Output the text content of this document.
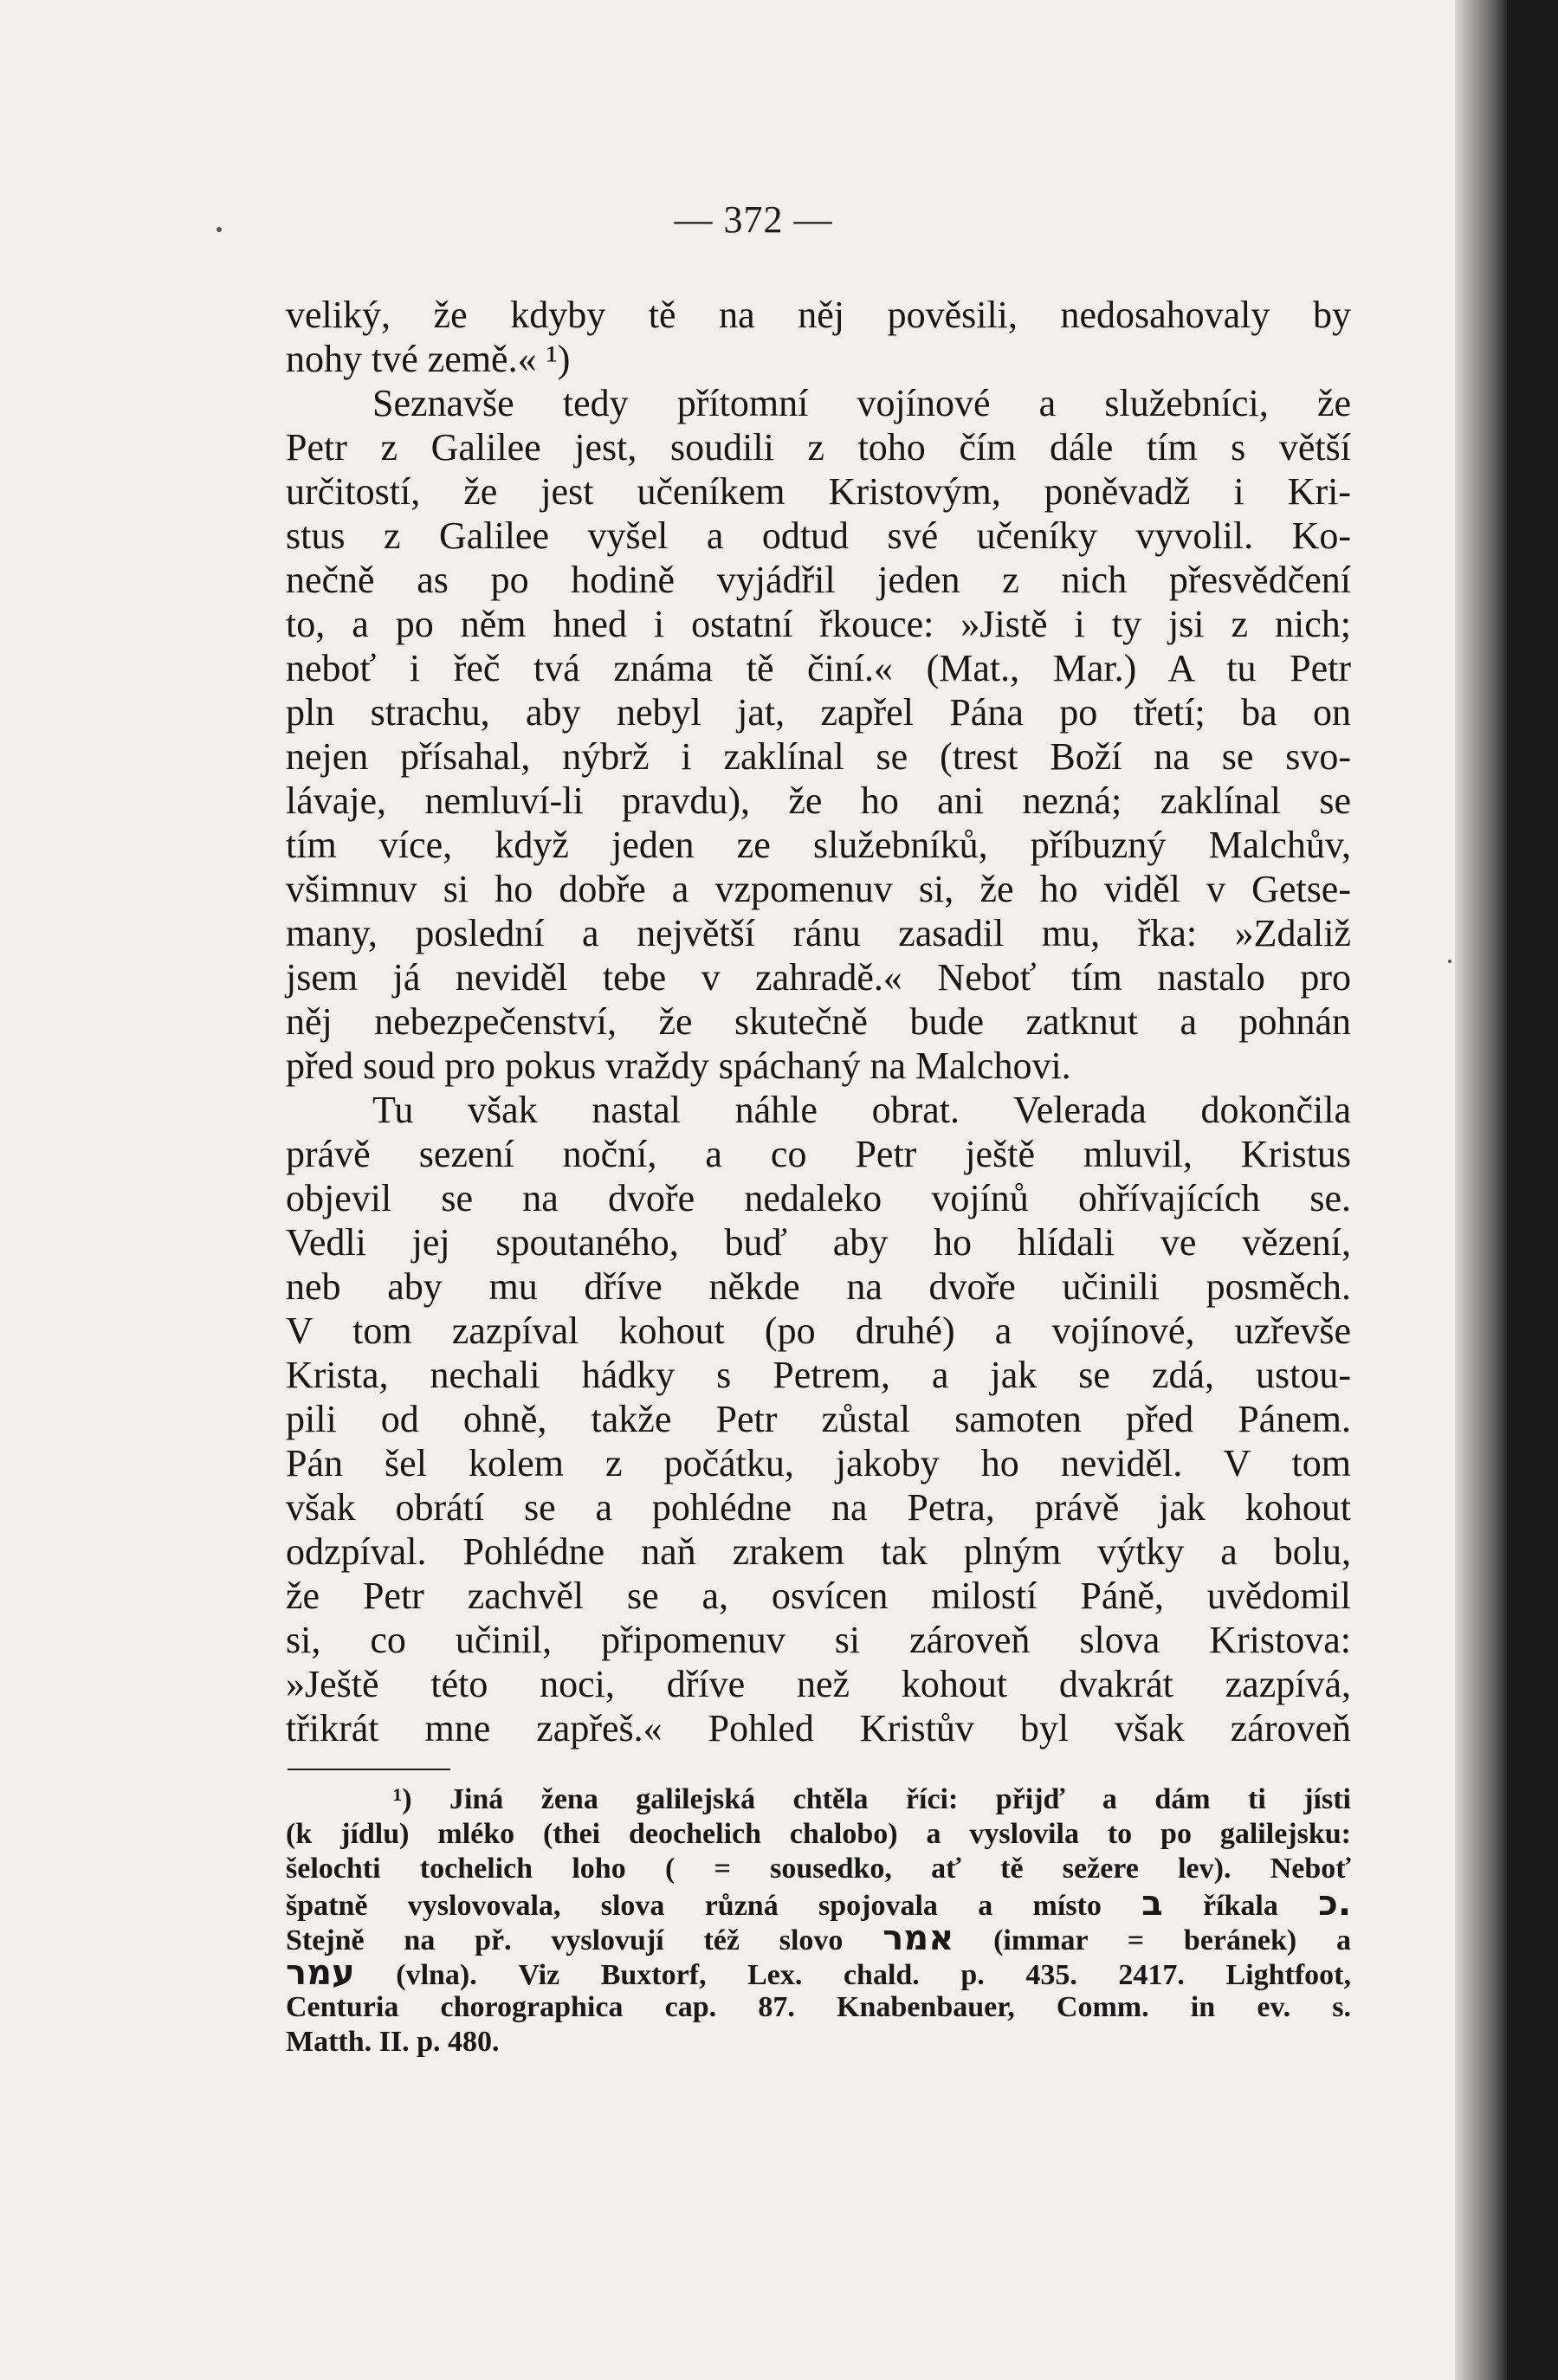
— 372 —
veliký, že kdyby tě na něj pověsili, nedosahovaly by
nohy tvé země.« ¹)
Seznavše tedy přítomní vojínové a služebníci, že
Petr z Galilee jest, soudili z toho čím dále tím s větší
určitostí, že jest učeníkem Kristovým, poněvadž i Kri-
stus z Galilee vyšel a odtud své učeníky vyvolil. Ko-
nečně as po hodině vyjádřil jeden z nich přesvědčení
to, a po něm hned i ostatní řkouce: »Jistě i ty jsi z nich;
neboť i řeč tvá známa tě činí.« (Mat., Mar.) A tu Petr
pln strachu, aby nebyl jat, zapřel Pána po třetí; ba on
nejen přísahal, nýbrž i zaklínal se (trest Boží na se svo-
lávaje, nemluví-li pravdu), že ho ani nezná; zaklínal se
tím více, když jeden ze služebníků, příbuzný Malchův,
všimnuv si ho dobře a vzpomenuv si, že ho viděl v Getse-
many, poslední a největší ránu zasadil mu, řka: »Zdaliž
jsem já neviděl tebe v zahradě.« Neboť tím nastalo pro
něj nebezpečenství, že skutečně bude zatknut a pohnán
před soud pro pokus vraždy spáchaný na Malchovi.
Tu však nastal náhle obrat. Velerada dokončila
právě sezení noční, a co Petr ještě mluvil, Kristus
objevil se na dvoře nedaleko vojínů ohřívajících se.
Vedli jej spoutaného, buď aby ho hlídali ve vězení,
neb aby mu dříve někde na dvoře učinili posměch.
V tom zazpíval kohout (po druhé) a vojínové, uzřevše
Krista, nechali hádky s Petrem, a jak se zdá, ustou-
pili od ohně, takže Petr zůstal samoten před Pánem.
Pán šel kolem z počátku, jakoby ho neviděl. V tom
však obrátí se a pohlédne na Petra, právě jak kohout
odzpíval. Pohlédne naň zrakem tak plným výtky a bolu,
že Petr zachvěl se a, osvícen milostí Páně, uvědomil
si, co učinil, připomenuv si zároveň slova Kristova:
»Ještě této noci, dříve než kohout dvakrát zazpívá,
třikrát mne zapřeš.« Pohled Kristův byl však zároveň
¹) Jiná žena galilejská chtěla říci: přijď a dám ti jísti
(k jídlu) mléko (thei deochelich chalobo) a vyslovila to po galilejsku:
šelochti tochelich loho ( = sousedko, ať tě sežere lev). Neboť
špatně vyslovovala, slova různá spojovala a místo ב říkala כ.
Stejně na př. vyslovují též slovo אמר (immar = beránek) a
עמר (vlna). Viz Buxtorf, Lex. chald. p. 435. 2417. Lightfoot,
Centuria chorographica cap. 87. Knabenbauer, Comm. in ev. s.
Matth. II. p. 480.
